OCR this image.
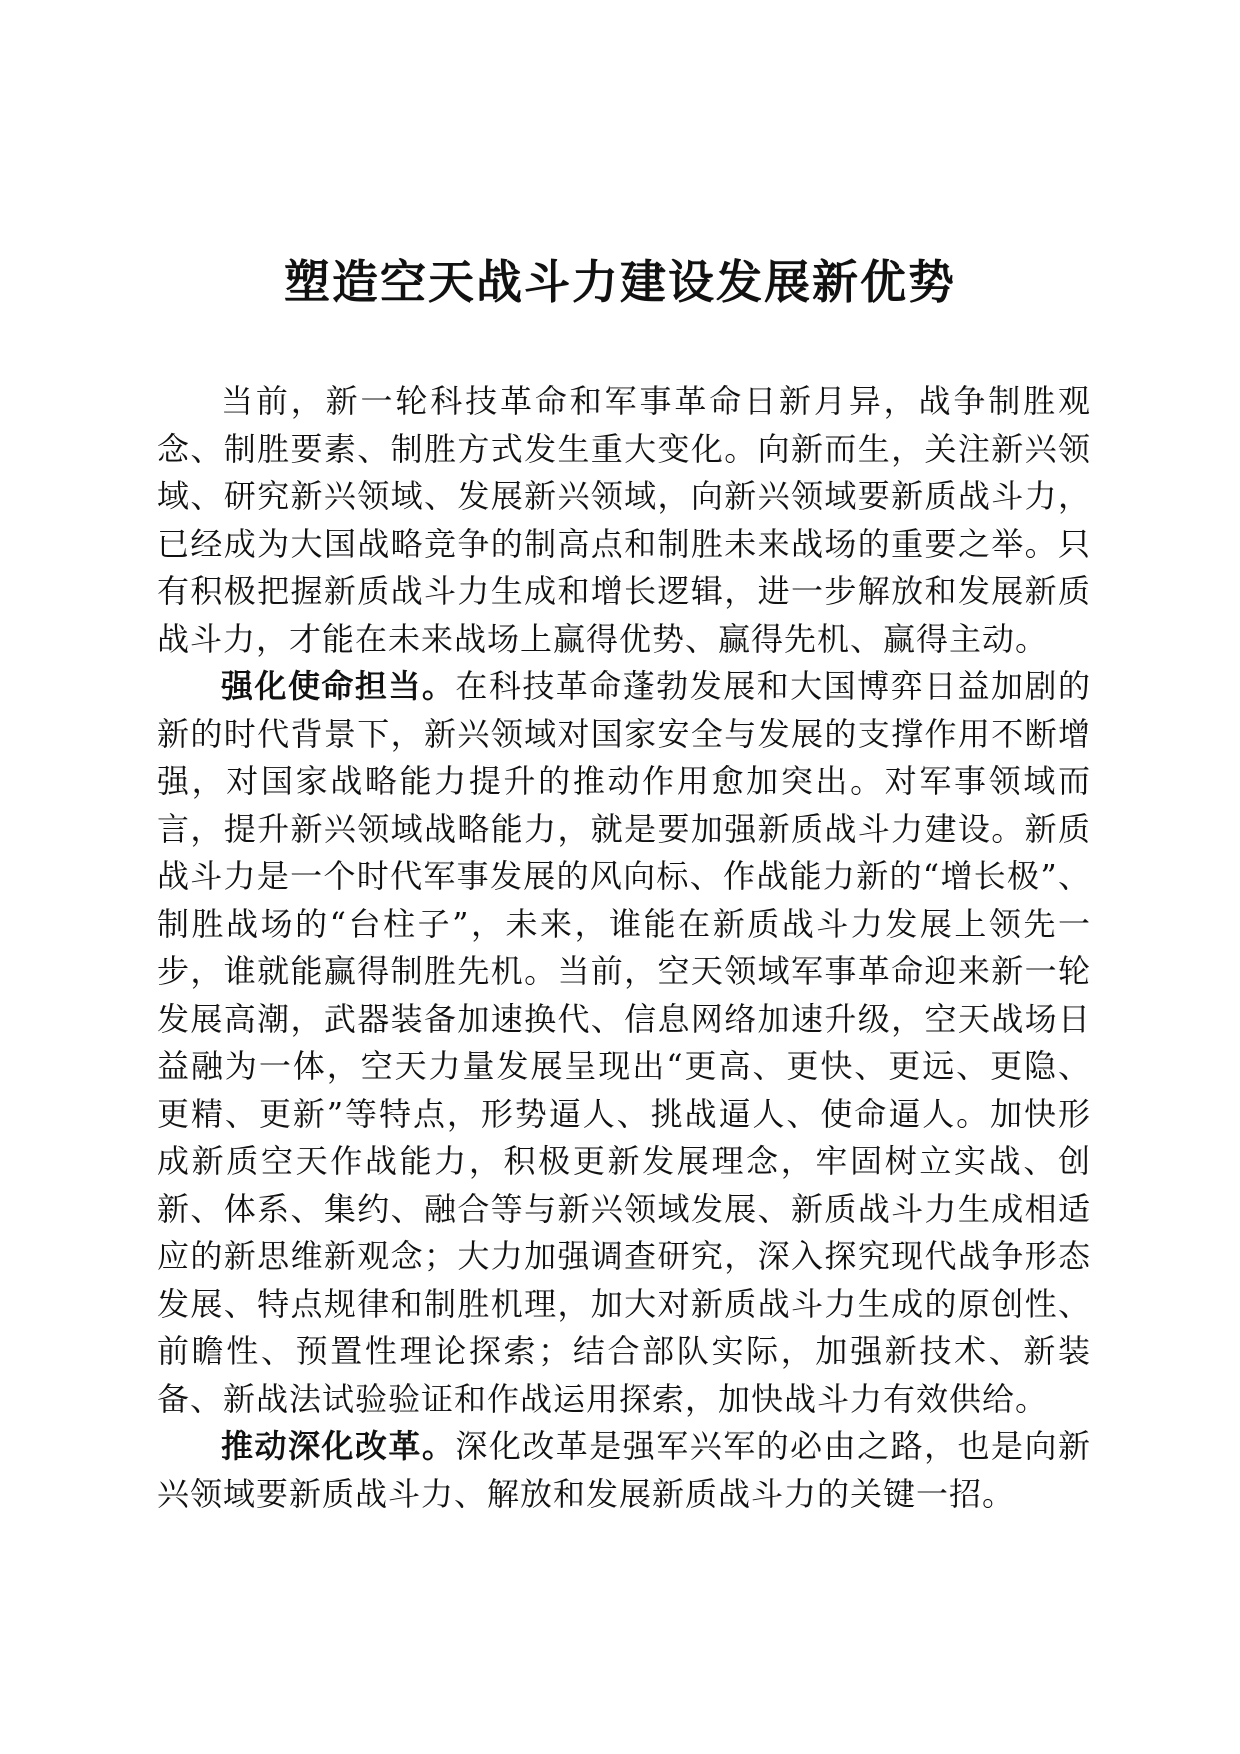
塑造空天战斗力建设发展新优势

当前，新一轮科技革命和军事革命日新月异，战争制胜观念、制胜要素、制胜方式发生重大变化。向新而生，关注新兴领域、研究新兴领域、发展新兴领域，向新兴领域要新质战斗力，已经成为大国战略竞争的制高点和制胜未来战场的重要之举。只有积极把握新质战斗力生成和增长逻辑，进一步解放和发展新质战斗力，才能在未来战场上赢得优势、赢得先机、赢得主动。

强化使命担当。在科技革命蓬勃发展和大国博弈日益加剧的新的时代背景下，新兴领域对国家安全与发展的支撑作用不断增强，对国家战略能力提升的推动作用愈加突出。对军事领域而言，提升新兴领域战略能力，就是要加强新质战斗力建设。新质战斗力是一个时代军事发展的风向标、作战能力新的“增长极”、制胜战场的“台柱子”，未来，谁能在新质战斗力发展上领先一步，谁就能赢得制胜先机。当前，空天领域军事革命迎来新一轮发展高潮，武器装备加速换代、信息网络加速升级，空天战场日益融为一体，空天力量发展呈现出“更高、更快、更远、更隐、更精、更新”等特点，形势逼人、挑战逼人、使命逼人。加快形成新质空天作战能力，积极更新发展理念，牢固树立实战、创新、体系、集约、融合等与新兴领域发展、新质战斗力生成相适应的新思维新观念；大力加强调查研究，深入探究现代战争形态发展、特点规律和制胜机理，加大对新质战斗力生成的原创性、前瞻性、预置性理论探索；结合部队实际，加强新技术、新装备、新战法试验验证和作战运用探索，加快战斗力有效供给。

推动深化改革。深化改革是强军兴军的必由之路，也是向新兴领域要新质战斗力、解放和发展新质战斗力的关键一招。
